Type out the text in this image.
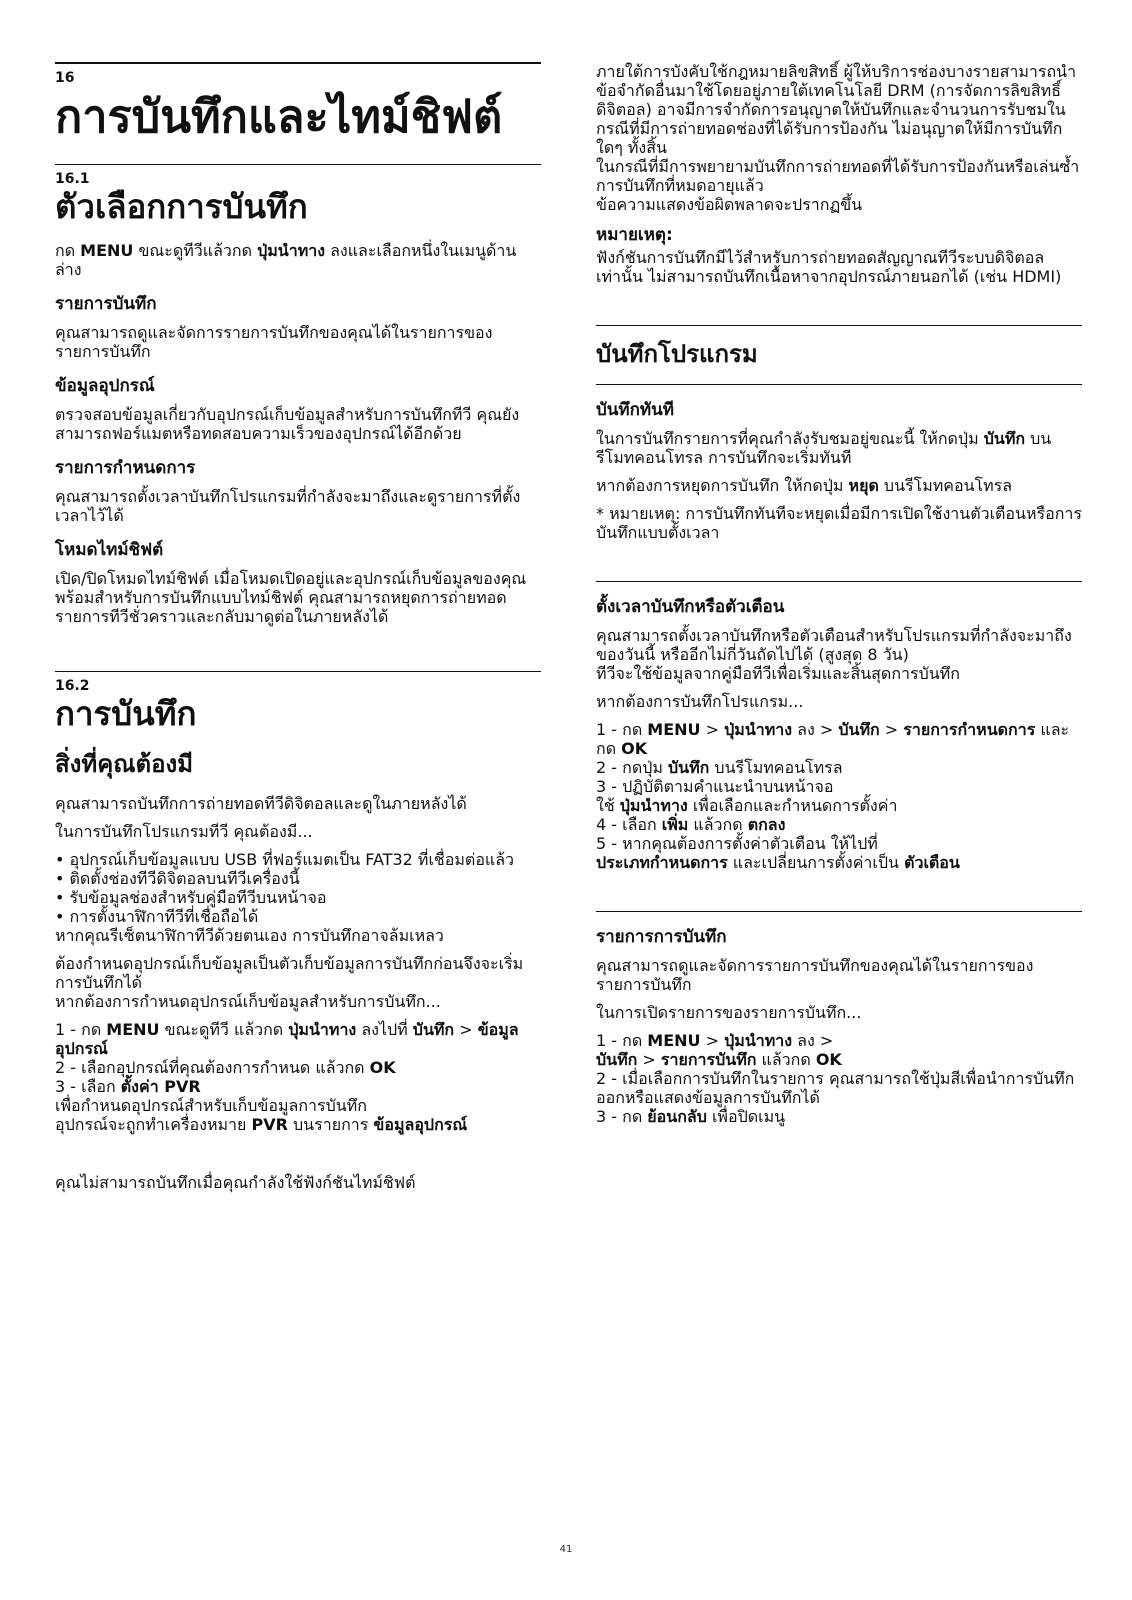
16
การบันทึกและไทม์ชิฟต์
16.1
ตัวเลือกการบันทึก

กด MENU ขณะดูทีวีแล้วกด ปุ่มนำทาง ลงและเลือกหนึ่งในเมนูด้านล่าง

รายการบันทึก

คุณสามารถดูและจัดการรายการบันทึกของคุณได้ในรายการของรายการบันทึก

ข้อมูลอุปกรณ์

ตรวจสอบข้อมูลเกี่ยวกับอุปกรณ์เก็บข้อมูลสำหรับการบันทึกทีวี คุณยังสามารถฟอร์แมตหรือทดสอบความเร็วของอุปกรณ์ได้อีกด้วย

รายการกำหนดการ

คุณสามารถตั้งเวลาบันทึกโปรแกรมที่กำลังจะมาถึงและดูรายการที่ตั้งเวลาไว้ได้

โหมดไทม์ชิฟต์

เปิด/ปิดโหมดไทม์ชิฟต์ เมื่อโหมดเปิดอยู่และอุปกรณ์เก็บข้อมูลของคุณพร้อมสำหรับการบันทึกแบบไทม์ชิฟต์ คุณสามารถหยุดการถ่ายทอดรายการทีวีชั่วคราวและกลับมาดูต่อในภายหลังได้

16.2
การบันทึก
สิ่งที่คุณต้องมี

คุณสามารถบันทึกการถ่ายทอดทีวีดิจิตอลและดูในภายหลังได้

ในการบันทึกโปรแกรมทีวี คุณต้องมี...

• อุปกรณ์เก็บข้อมูลแบบ USB ที่ฟอร์แมตเป็น FAT32 ที่เชื่อมต่อแล้ว

• ติดตั้งช่องทีวีดิจิตอลบนทีวีเครื่องนี้

• รับข้อมูลช่องสำหรับคู่มือทีวีบนหน้าจอ

• การตั้งนาฬิกาทีวีที่เชื่อถือได้

หากคุณรีเซ็ตนาฬิกาทีวีด้วยตนเอง การบันทึกอาจล้มเหลว

ต้องกำหนดอุปกรณ์เก็บข้อมูลเป็นตัวเก็บข้อมูลการบันทึกก่อนจึงจะเริ่มการบันทึกได้

หากต้องการกำหนดอุปกรณ์เก็บข้อมูลสำหรับการบันทึก...

1 - กด MENU ขณะดูทีวี แล้วกด ปุ่มนำทาง ลงไปที่ บันทึก > ข้อมูลอุปกรณ์

2 - เลือกอุปกรณ์ที่คุณต้องการกำหนด แล้วกด OK

3 - เลือก ตั้งค่า PVR

เพื่อกำหนดอุปกรณ์สำหรับเก็บข้อมูลการบันทึก

อุปกรณ์จะถูกทำเครื่องหมาย PVR บนรายการ ข้อมูลอุปกรณ์

คุณไม่สามารถบันทึกเมื่อคุณกำลังใช้ฟังก์ชันไทม์ชิฟต์

ภายใต้การบังคับใช้กฎหมายลิขสิทธิ์ ผู้ให้บริการช่องบางรายสามารถนำข้อจำกัดอื่นมาใช้โดยอยู่ภายใต้เทคโนโลยี DRM (การจัดการลิขสิทธิ์ดิจิตอล) อาจมีการจำกัดการอนุญาตให้บันทึกและจำนวนการรับชมในกรณีที่มีการถ่ายทอดช่องที่ได้รับการป้องกัน ไม่อนุญาตให้มีการบันทึกใดๆ ทั้งสิ้น

ในกรณีที่มีการพยายามบันทึกการถ่ายทอดที่ได้รับการป้องกันหรือเล่นซ้ำการบันทึกที่หมดอายุแล้ว

ข้อความแสดงข้อผิดพลาดจะปรากฏขึ้น

หมายเหตุ:

ฟังก์ชันการบันทึกมีไว้สำหรับการถ่ายทอดสัญญาณทีวีระบบดิจิตอลเท่านั้น ไม่สามารถบันทึกเนื้อหาจากอุปกรณ์ภายนอกได้ (เช่น HDMI)

บันทึกโปรแกรม
บันทึกทันที

ในการบันทึกรายการที่คุณกำลังรับชมอยู่ขณะนี้ ให้กดปุ่ม บันทึก บนรีโมทคอนโทรล การบันทึกจะเริ่มทันที

หากต้องการหยุดการบันทึก ให้กดปุ่ม หยุด บนรีโมทคอนโทรล

* หมายเหตุ: การบันทึกทันทีจะหยุดเมื่อมีการเปิดใช้งานตัวเตือนหรือการบันทึกแบบตั้งเวลา

ตั้งเวลาบันทึกหรือตัวเตือน

คุณสามารถตั้งเวลาบันทึกหรือตัวเตือนสำหรับโปรแกรมที่กำลังจะมาถึงของวันนี้ หรืออีกไม่กี่วันถัดไปได้ (สูงสุด 8 วัน)

ทีวีจะใช้ข้อมูลจากคู่มือทีวีเพื่อเริ่มและสิ้นสุดการบันทึก

หากต้องการบันทึกโปรแกรม...

1 - กด MENU > ปุ่มนำทาง ลง > บันทึก > รายการกำหนดการ และกด OK

2 - กดปุ่ม บันทึก บนรีโมทคอนโทรล

3 - ปฏิบัติตามคำแนะนำบนหน้าจอ

ใช้ ปุ่มนำทาง เพื่อเลือกและกำหนดการตั้งค่า

4 - เลือก เพิ่ม แล้วกด ตกลง

5 - หากคุณต้องการตั้งค่าตัวเตือน ให้ไปที่

ประเภทกำหนดการ และเปลี่ยนการตั้งค่าเป็น ตัวเตือน

รายการการบันทึก

คุณสามารถดูและจัดการรายการบันทึกของคุณได้ในรายการของรายการบันทึก

ในการเปิดรายการของรายการบันทึก...

1 - กด MENU > ปุ่มนำทาง ลง >

บันทึก > รายการบันทึก แล้วกด OK

2 - เมื่อเลือกการบันทึกในรายการ คุณสามารถใช้ปุ่มสีเพื่อนำการบันทึกออกหรือแสดงข้อมูลการบันทึกได้

3 - กด ย้อนกลับ เพื่อปิดเมนู

41
